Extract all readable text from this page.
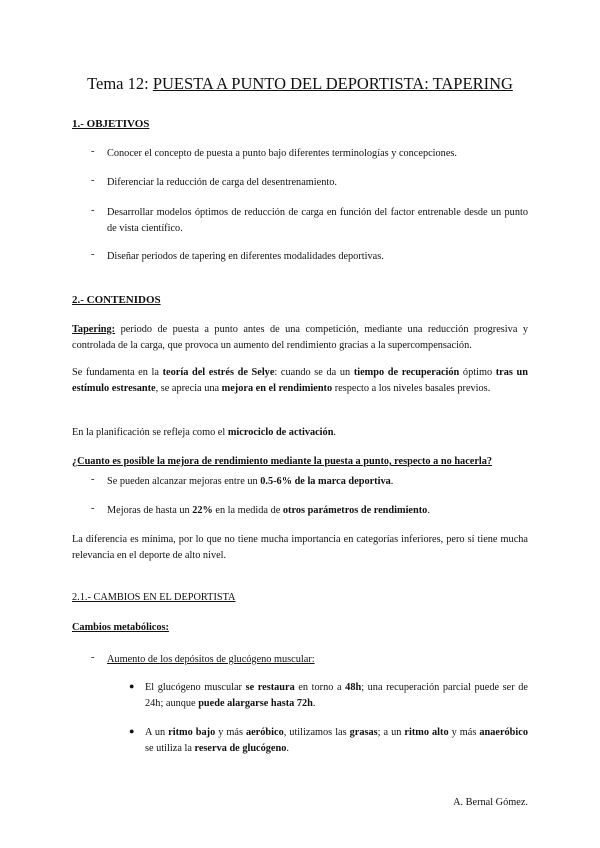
Tema 12: PUESTA A PUNTO DEL DEPORTISTA: TAPERING
1.- OBJETIVOS
- Conocer el concepto de puesta a punto bajo diferentes terminologías y concepciones.
- Diferenciar la reducción de carga del desentrenamiento.
- Desarrollar modelos óptimos de reducción de carga en función del factor entrenable desde un punto de vista científico.
- Diseñar periodos de tapering en diferentes modalidades deportivas.
2.- CONTENIDOS
Tapering: periodo de puesta a punto antes de una competición, mediante una reducción progresiva y controlada de la carga, que provoca un aumento del rendimiento gracias a la supercompensación.
Se fundamenta en la teoría del estrés de Selye: cuando se da un tiempo de recuperación óptimo tras un estímulo estresante, se aprecia una mejora en el rendimiento respecto a los niveles basales previos.
En la planificación se refleja como el microciclo de activación.
¿Cuanto es posible la mejora de rendimiento mediante la puesta a punto, respecto a no hacerla?
- Se pueden alcanzar mejoras entre un 0.5-6% de la marca deportiva.
- Mejoras de hasta un 22% en la medida de otros parámetros de rendimiento.
La diferencia es mínima, por lo que no tiene mucha importancia en categorías inferiores, pero sí tiene mucha relevancia en el deporte de alto nivel.
2.1.- CAMBIOS EN EL DEPORTISTA
Cambios metabólicos:
- Aumento de los depósitos de glucógeno muscular:
● El glucógeno muscular se restaura en torno a 48h; una recuperación parcial puede ser de 24h; aunque puede alargarse hasta 72h.
● A un ritmo bajo y más aeróbico, utilizamos las grasas; a un ritmo alto y más anaeróbico se utiliza la reserva de glucógeno.
A. Bernal Gómez.
